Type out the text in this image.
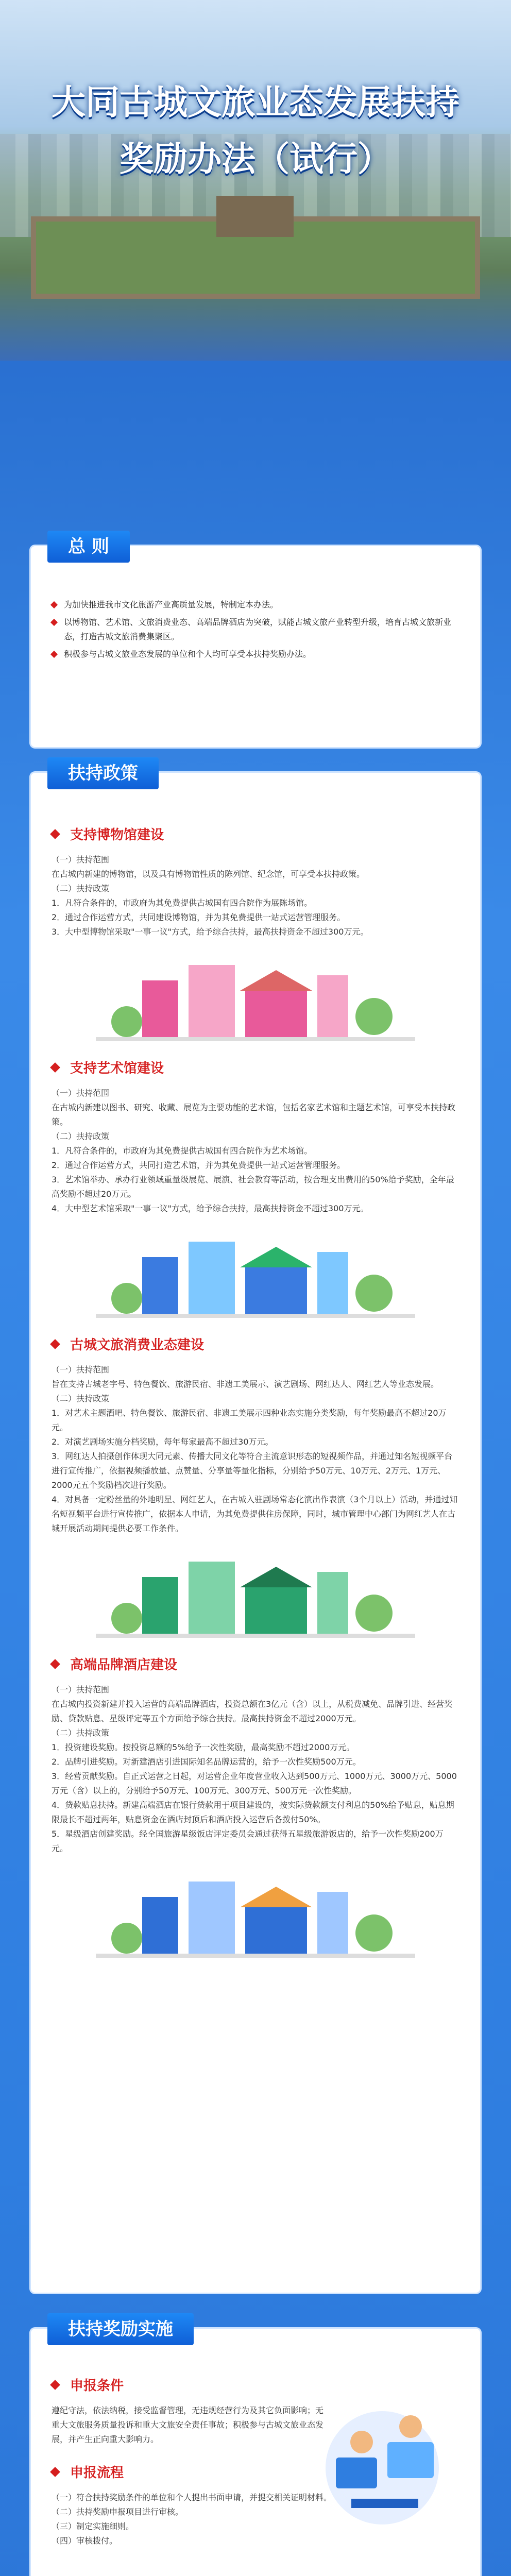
大同古城文旅业态发展扶持
奖励办法（试行）
为加快推进我市文化旅游产业高质量发展，特制定本办法。
以博物馆、艺术馆、文旅消费业态、高端品牌酒店为突破，赋能古城文旅产业转型升级，培育古城文旅新业态，打造古城文旅消费集聚区。
积极参与古城文旅业态发展的单位和个人均可享受本扶持奖励办法。
总 则
支持博物馆建设
（一）扶持范围
在古城内新建的博物馆，以及具有博物馆性质的陈列馆、纪念馆，可享受本扶持政策。
（二）扶持政策
1．凡符合条件的，市政府为其免费提供古城国有四合院作为展陈场馆。
2．通过合作运营方式，共同建设博物馆，并为其免费提供一站式运营管理服务。
3．大中型博物馆采取"一事一议"方式，给予综合扶持，最高扶持资金不超过300万元。
支持艺术馆建设
（一）扶持范围
在古城内新建以图书、研究、收藏、展览为主要功能的艺术馆，包括名家艺术馆和主题艺术馆，可享受本扶持政策。
（二）扶持政策
1．凡符合条件的，市政府为其免费提供古城国有四合院作为艺术场馆。
2．通过合作运营方式，共同打造艺术馆，并为其免费提供一站式运营管理服务。
3．艺术馆举办、承办行业领域重量级展览、展演、社会教育等活动，按合理支出费用的50%给予奖励，全年最高奖励不超过20万元。
4．大中型艺术馆采取"一事一议"方式，给予综合扶持，最高扶持资金不超过300万元。
古城文旅消费业态建设
（一）扶持范围
旨在支持古城老字号、特色餐饮、旅游民宿、非遗工美展示、演艺剧场、网红达人、网红艺人等业态发展。
（二）扶持政策
1．对艺术主题酒吧、特色餐饮、旅游民宿、非遗工美展示四种业态实施分类奖励，每年奖励最高不超过20万元。
2．对演艺剧场实施分档奖励，每年每家最高不超过30万元。
3．网红达人拍摄创作体现大同元素、传播大同文化等符合主流意识形态的短视频作品，并通过知名短视频平台进行宣传推广，依据视频播放量、点赞量、分享量等量化指标，分别给予50万元、10万元、2万元、1万元、2000元五个奖励档次进行奖励。
4．对具备一定粉丝量的外地明星、网红艺人，在古城入驻剧场常态化演出作表演（3个月以上）活动，并通过知名短视频平台进行宣传推广，依据本人申请，为其免费提供住房保障，同时，城市管理中心部门为网红艺人在古城开展活动期间提供必要工作条件。
高端品牌酒店建设
（一）扶持范围
在古城内投资新建并投入运营的高端品牌酒店，投资总额在3亿元（含）以上，从税费减免、品牌引进、经营奖励、贷款贴息、星级评定等五个方面给予综合扶持。最高扶持资金不超过2000万元。
（二）扶持政策
1．投资建设奖励。按投资总额的5%给予一次性奖励，最高奖励不超过2000万元。
2．品牌引进奖励。对新建酒店引进国际知名品牌运营的，给予一次性奖励500万元。
3．经营贡献奖励。自正式运营之日起，对运营企业年度营业收入达到500万元、1000万元、3000万元、5000万元（含）以上的，分别给予50万元、100万元、300万元、500万元一次性奖励。
4．贷款贴息扶持。新建高端酒店在银行贷款用于项目建设的，按实际贷款额支付利息的50%给予贴息，贴息期限最长不超过两年，贴息资金在酒店封顶后和酒店投入运营后各拨付50%。
5．星级酒店创建奖励。经全国旅游星级饭店评定委员会通过获得五星级旅游饭店的，给予一次性奖励200万元。
扶持政策
申报条件
遵纪守法，依法纳税，接受监督管理，无违规经营行为及其它负面影响；无重大文旅服务质量投诉和重大文旅安全责任事故；积极参与古城文旅业态发展，并产生正向重大影响力。
申报流程
（一）符合扶持奖励条件的单位和个人提出书面申请，并提交相关证明材料。
（二）扶持奖励申报项目进行审核。
（三）制定实施细则。
（四）审核拨付。
扶持奖励实施
